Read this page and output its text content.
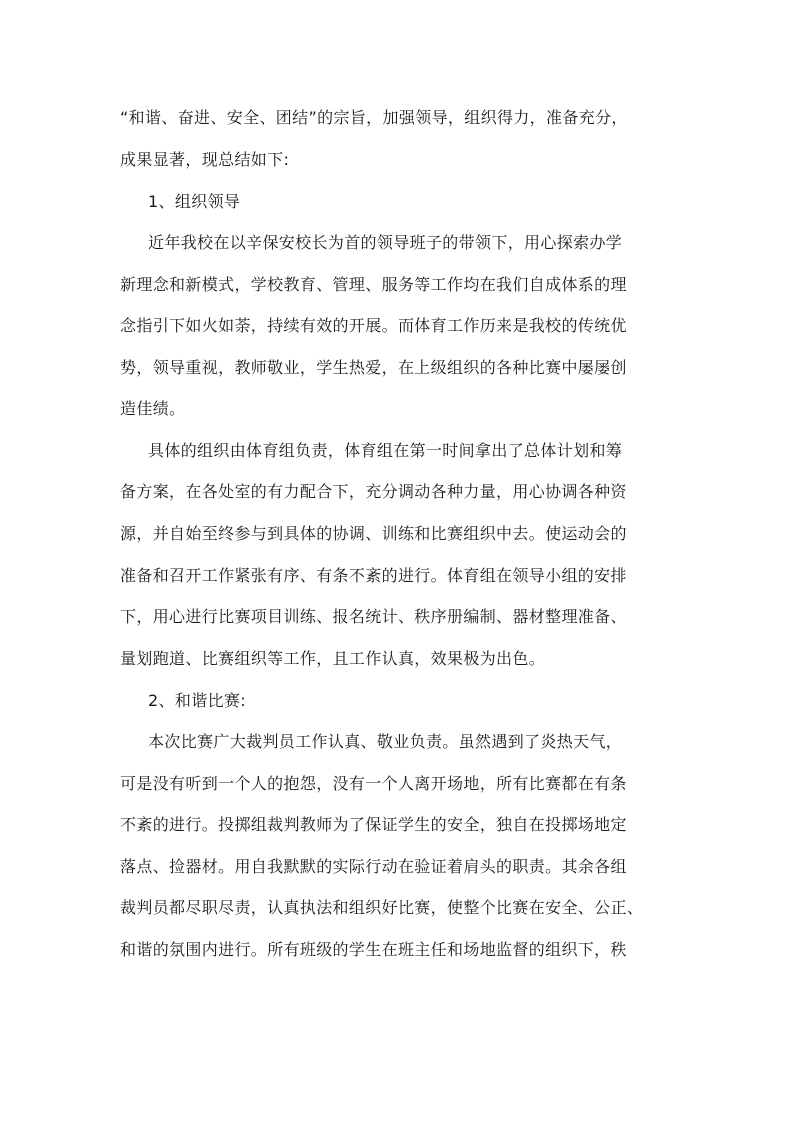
“和谐、奋进、安全、团结”的宗旨，加强领导，组织得力，准备充分，
成果显著，现总结如下:
1、组织领导
近年我校在以辛保安校长为首的领导班子的带领下，用心探索办学
新理念和新模式，学校教育、管理、服务等工作均在我们自成体系的理
念指引下如火如荼，持续有效的开展。而体育工作历来是我校的传统优
势，领导重视，教师敬业，学生热爱，在上级组织的各种比赛中屡屡创
造佳绩。
具体的组织由体育组负责，体育组在第一时间拿出了总体计划和筹
备方案，在各处室的有力配合下，充分调动各种力量，用心协调各种资
源，并自始至终参与到具体的协调、训练和比赛组织中去。使运动会的
准备和召开工作紧张有序、有条不紊的进行。体育组在领导小组的安排
下，用心进行比赛项目训练、报名统计、秩序册编制、器材整理准备、
量划跑道、比赛组织等工作，且工作认真，效果极为出色。
2、和谐比赛:
本次比赛广大裁判员工作认真、敬业负责。虽然遇到了炎热天气，
可是没有听到一个人的抱怨，没有一个人离开场地，所有比赛都在有条
不紊的进行。投掷组裁判教师为了保证学生的安全，独自在投掷场地定
落点、捡器材。用自我默默的实际行动在验证着肩头的职责。其余各组
裁判员都尽职尽责，认真执法和组织好比赛，使整个比赛在安全、公正、
和谐的氛围内进行。所有班级的学生在班主任和场地监督的组织下，秩
